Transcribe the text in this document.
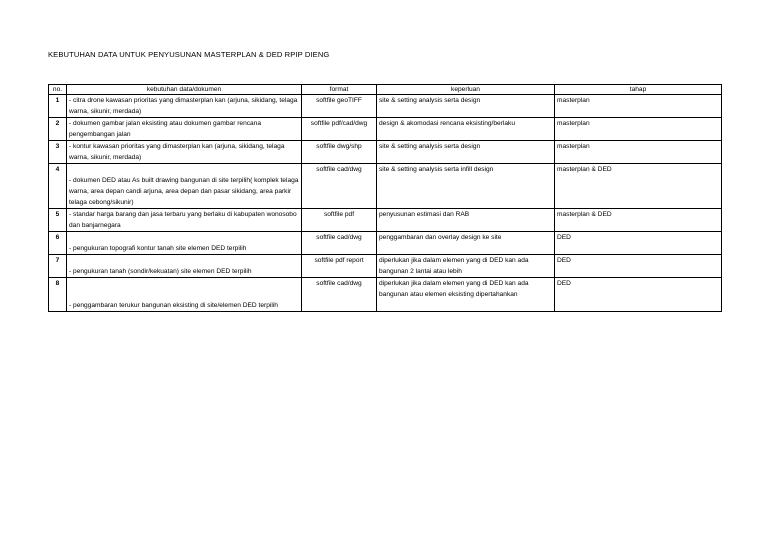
KEBUTUHAN DATA UNTUK PENYUSUNAN MASTERPLAN & DED RPIP DIENG
no.	kebutuhan data/dokumen	format	keperluan	tahap
1	- citra drone kawasan prioritas yang dimasterplan kan (arjuna, sikidang, telaga warna, sikunir, merdada)	softfile geoTIFF	site & setting analysis serta design	masterplan
2	- dokumen gambar jalan eksisting atau dokumen gambar rencana pengembangan jalan	softfile pdf/cad/dwg	design & akomodasi rencana eksisting/berlaku	masterplan
3	- kontur kawasan prioritas yang dimasterplan kan (arjuna, sikidang, telaga warna, sikunir, merdada)	softfile dwg/shp	site & setting analysis serta design	masterplan
4	- dokumen DED atau As built drawing bangunan di site terpilih( komplek telaga warna, area depan candi arjuna, area depan dan pasar sikidang, area parkir telaga cebong/sikunir)	softfile cad/dwg	site & setting analysis serta infill design	masterplan & DED
5	- standar harga barang dan jasa terbaru yang berlaku di kabupaten wonosobo dan banjarnegara	softfile pdf	penyusunan estimasi dan RAB	masterplan & DED
6	- pengukuran topografi kontur tanah site elemen DED terpilih	softfile cad/dwg	penggambaran dan overlay design ke site	DED
7	- pengukuran tanah (sondir/kekuatan) site elemen DED terpilih	softfile pdf report	diperlukan jika dalam elemen yang di DED kan ada bangunan 2 lantai atau lebih	DED
8	- penggambaran terukur bangunan eksisting di site/elemen DED terpilih	softfile cad/dwg	diperlukan jika dalam elemen yang di DED kan ada bangunan atau elemen eksisting dipertahankan	DED
